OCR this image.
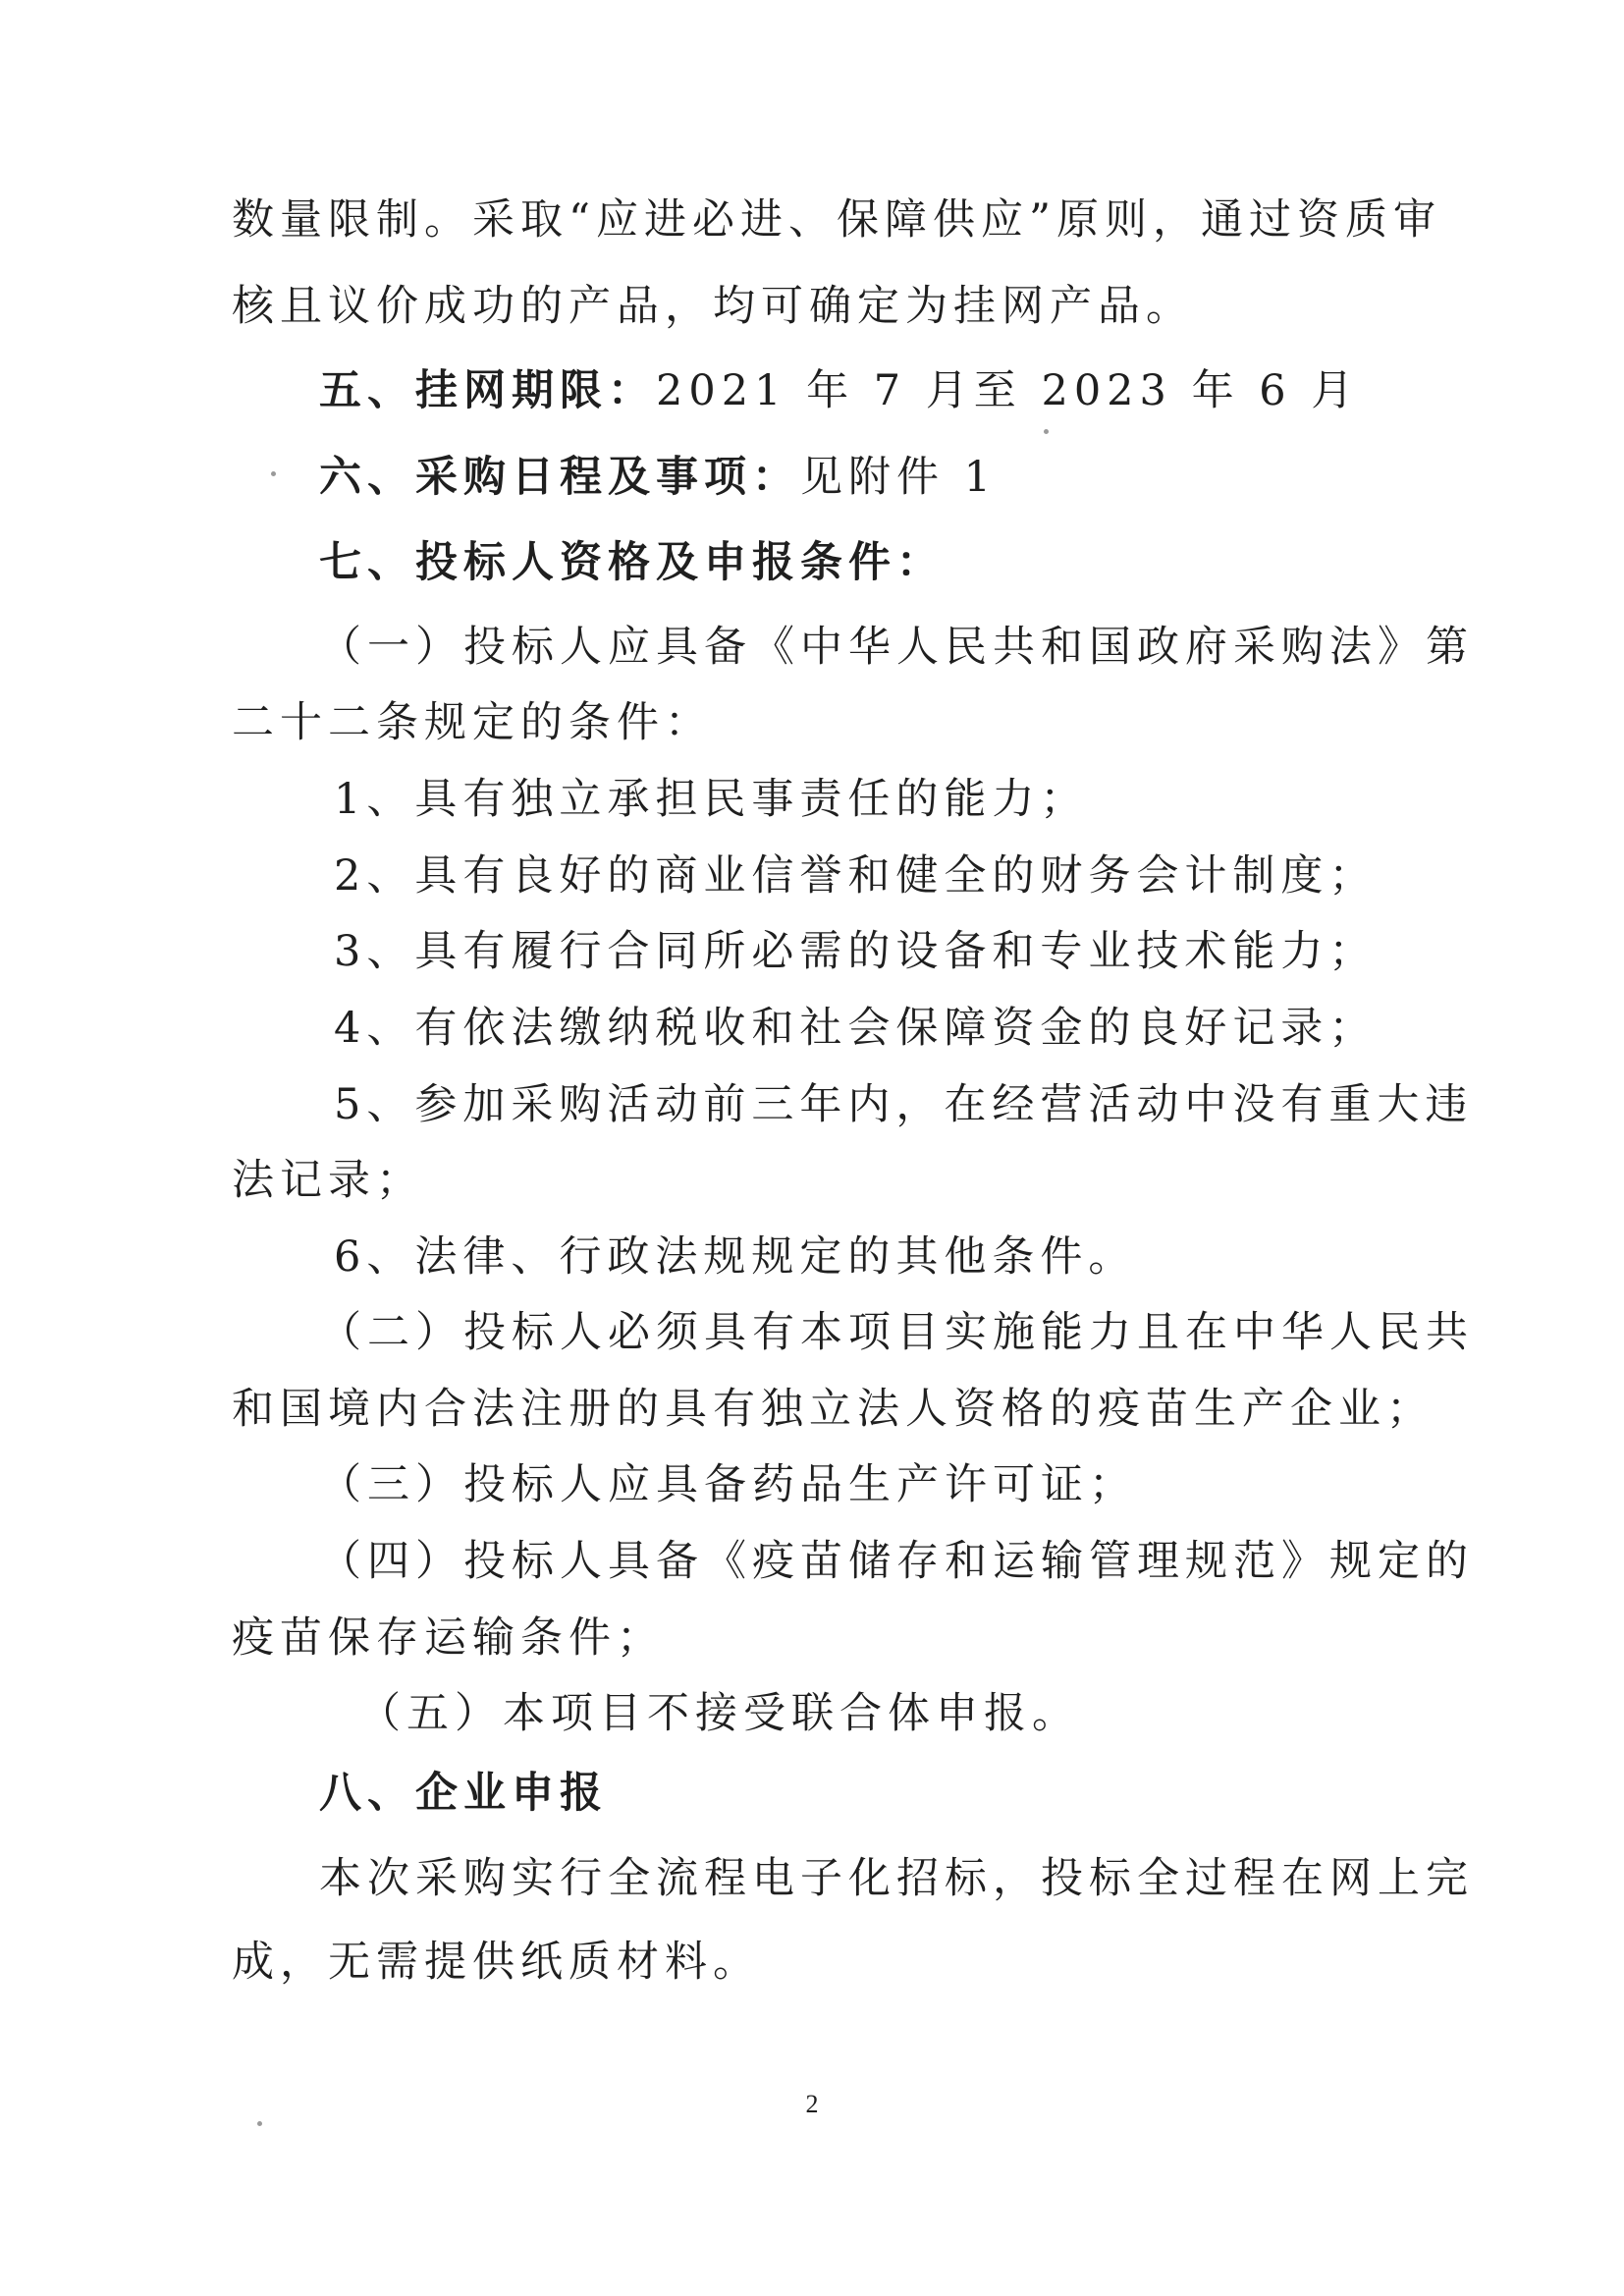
数量限制。采取“应进必进、保障供应”原则，通过资质审
核且议价成功的产品，均可确定为挂网产品。
五、挂网期限：2021 年 7 月至 2023 年 6 月
六、采购日程及事项：见附件 1
七、投标人资格及申报条件：
（一）投标人应具备《中华人民共和国政府采购法》第
二十二条规定的条件：
1、具有独立承担民事责任的能力；
2、具有良好的商业信誉和健全的财务会计制度；
3、具有履行合同所必需的设备和专业技术能力；
4、有依法缴纳税收和社会保障资金的良好记录；
5、参加采购活动前三年内，在经营活动中没有重大违
法记录；
6、法律、行政法规规定的其他条件。
（二）投标人必须具有本项目实施能力且在中华人民共
和国境内合法注册的具有独立法人资格的疫苗生产企业；
（三）投标人应具备药品生产许可证；
（四）投标人具备《疫苗储存和运输管理规范》规定的
疫苗保存运输条件；
（五）本项目不接受联合体申报。
八、企业申报
本次采购实行全流程电子化招标，投标全过程在网上完
成，无需提供纸质材料。
2
